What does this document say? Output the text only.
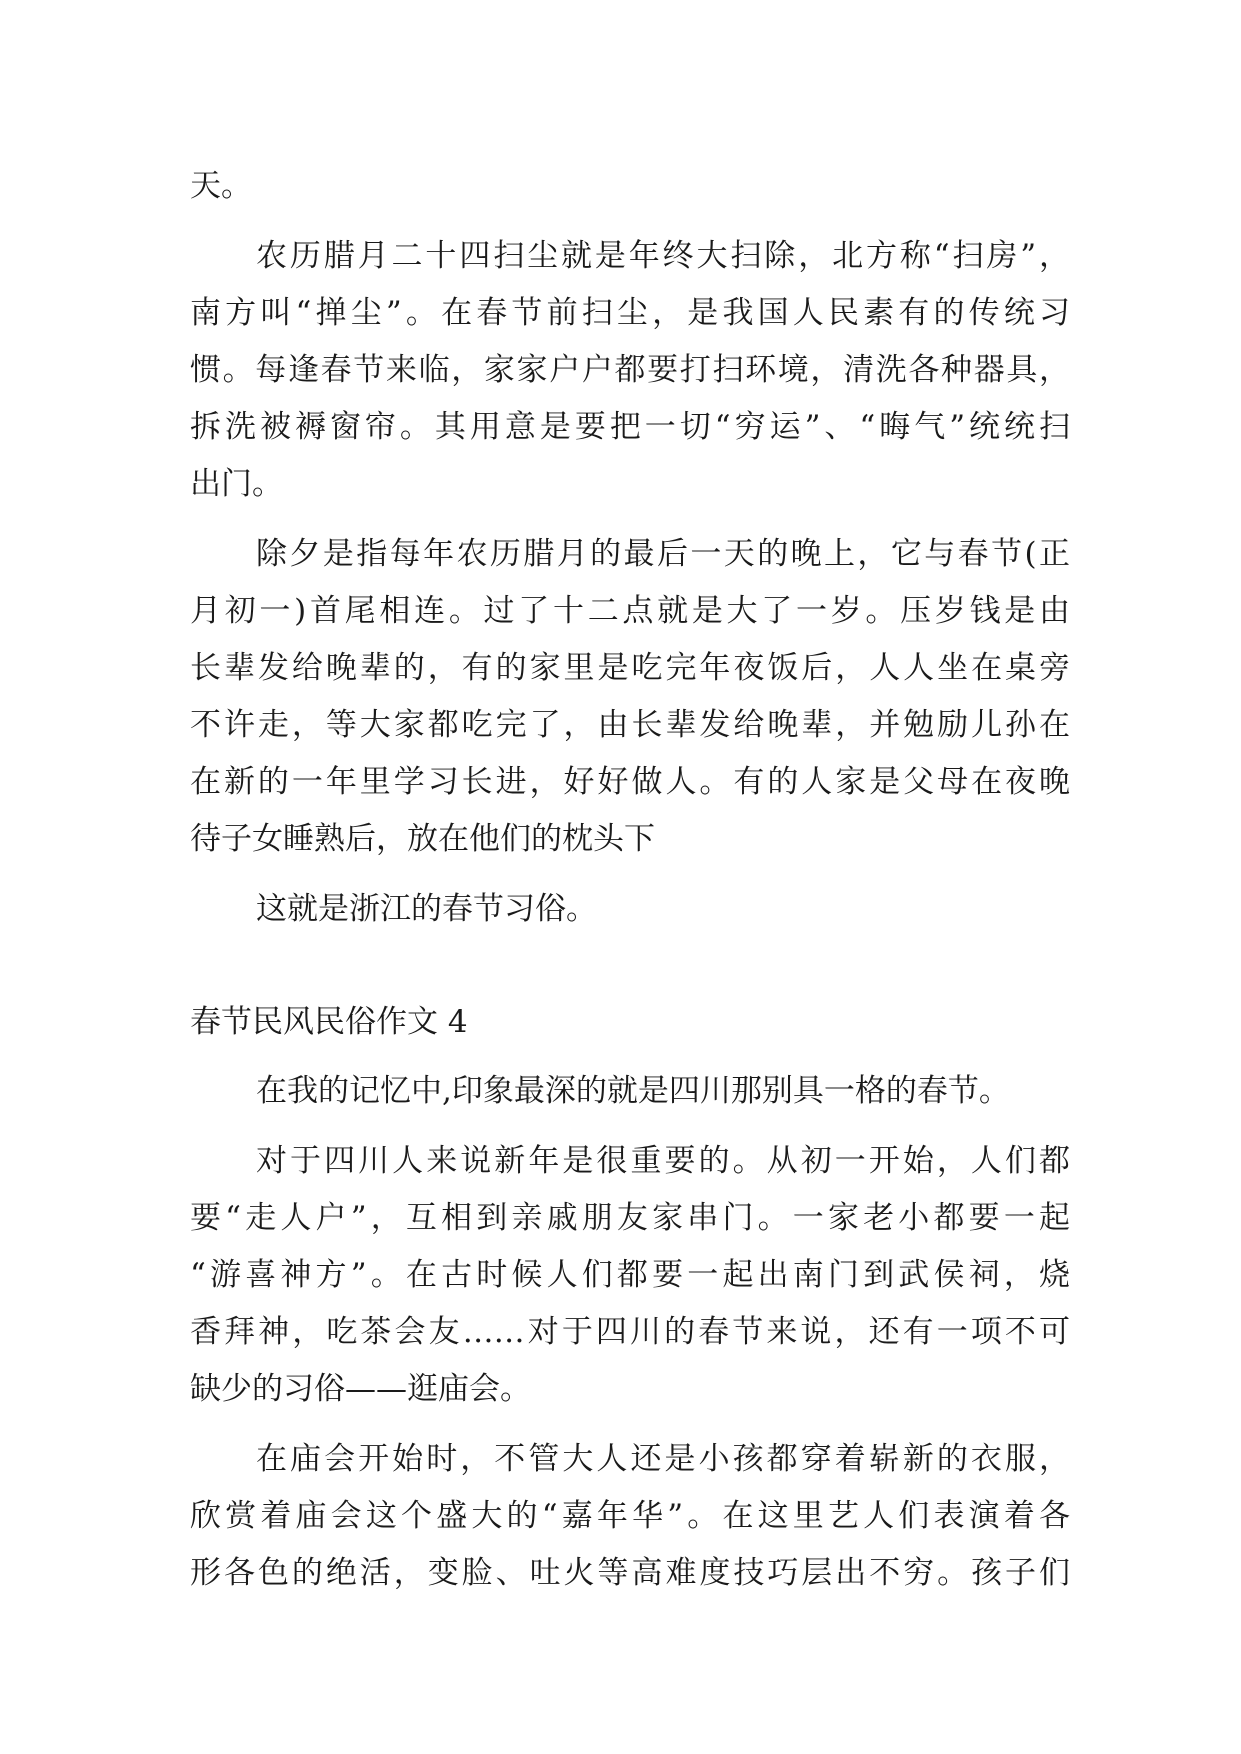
天。
农历腊月二十四扫尘就是年终大扫除，北方称“扫房”，
南方叫“掸尘”。在春节前扫尘，是我国人民素有的传统习
惯。每逢春节来临，家家户户都要打扫环境，清洗各种器具，
拆洗被褥窗帘。其用意是要把一切“穷运”、“晦气”统统扫
出门。
除夕是指每年农历腊月的最后一天的晚上，它与春节(正
月初一)首尾相连。过了十二点就是大了一岁。压岁钱是由
长辈发给晚辈的，有的家里是吃完年夜饭后，人人坐在桌旁
不许走，等大家都吃完了，由长辈发给晚辈，并勉励儿孙在
在新的一年里学习长进，好好做人。有的人家是父母在夜晚
待子女睡熟后，放在他们的枕头下
这就是浙江的春节习俗。
春节民风民俗作文 4
在我的记忆中,印象最深的就是四川那别具一格的春节。
对于四川人来说新年是很重要的。从初一开始，人们都
要“走人户”，互相到亲戚朋友家串门。一家老小都要一起
“游喜神方”。在古时候人们都要一起出南门到武侯祠，烧
香拜神，吃茶会友……对于四川的春节来说，还有一项不可
缺少的习俗——逛庙会。
在庙会开始时，不管大人还是小孩都穿着崭新的衣服，
欣赏着庙会这个盛大的“嘉年华”。在这里艺人们表演着各
形各色的绝活，变脸、吐火等高难度技巧层出不穷。孩子们
